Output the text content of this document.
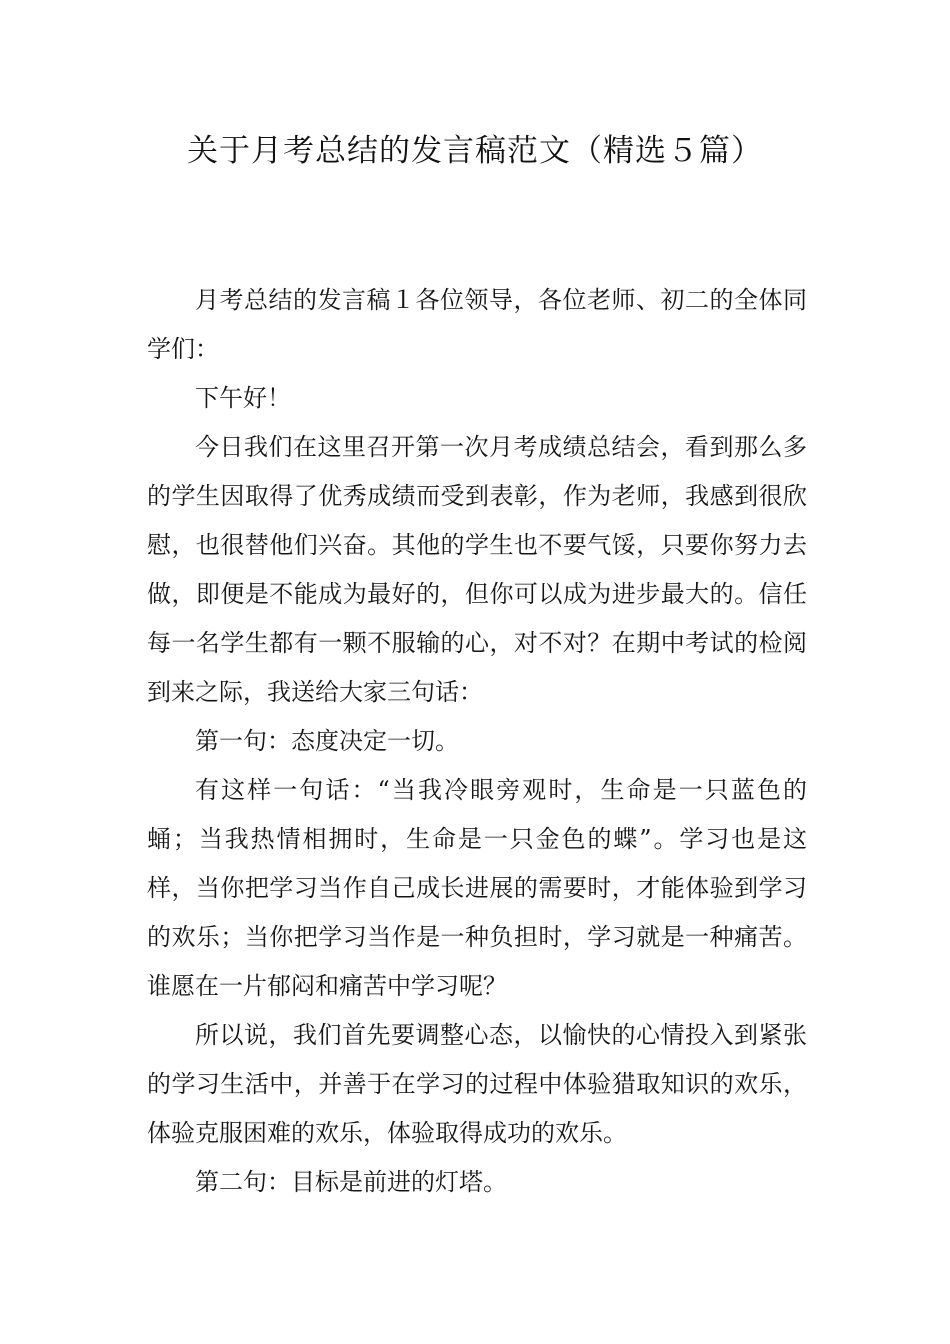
关于月考总结的发言稿范文（精选５篇）

月考总结的发言稿１各位领导，各位老师、初二的全体同学们：

下午好！

今日我们在这里召开第一次月考成绩总结会，看到那么多的学生因取得了优秀成绩而受到表彰，作为老师，我感到很欣慰，也很替他们兴奋。其他的学生也不要气馁，只要你努力去做，即便是不能成为最好的，但你可以成为进步最大的。信任每一名学生都有一颗不服输的心，对不对？在期中考试的检阅到来之际，我送给大家三句话：

第一句：态度决定一切。

有这样一句话：“当我冷眼旁观时，生命是一只蓝色的蛹；当我热情相拥时，生命是一只金色的蝶”。学习也是这样，当你把学习当作自己成长进展的需要时，才能体验到学习的欢乐；当你把学习当作是一种负担时，学习就是一种痛苦。谁愿在一片郁闷和痛苦中学习呢？

所以说，我们首先要调整心态，以愉快的心情投入到紧张的学习生活中，并善于在学习的过程中体验猎取知识的欢乐，体验克服困难的欢乐，体验取得成功的欢乐。

第二句：目标是前进的灯塔。
